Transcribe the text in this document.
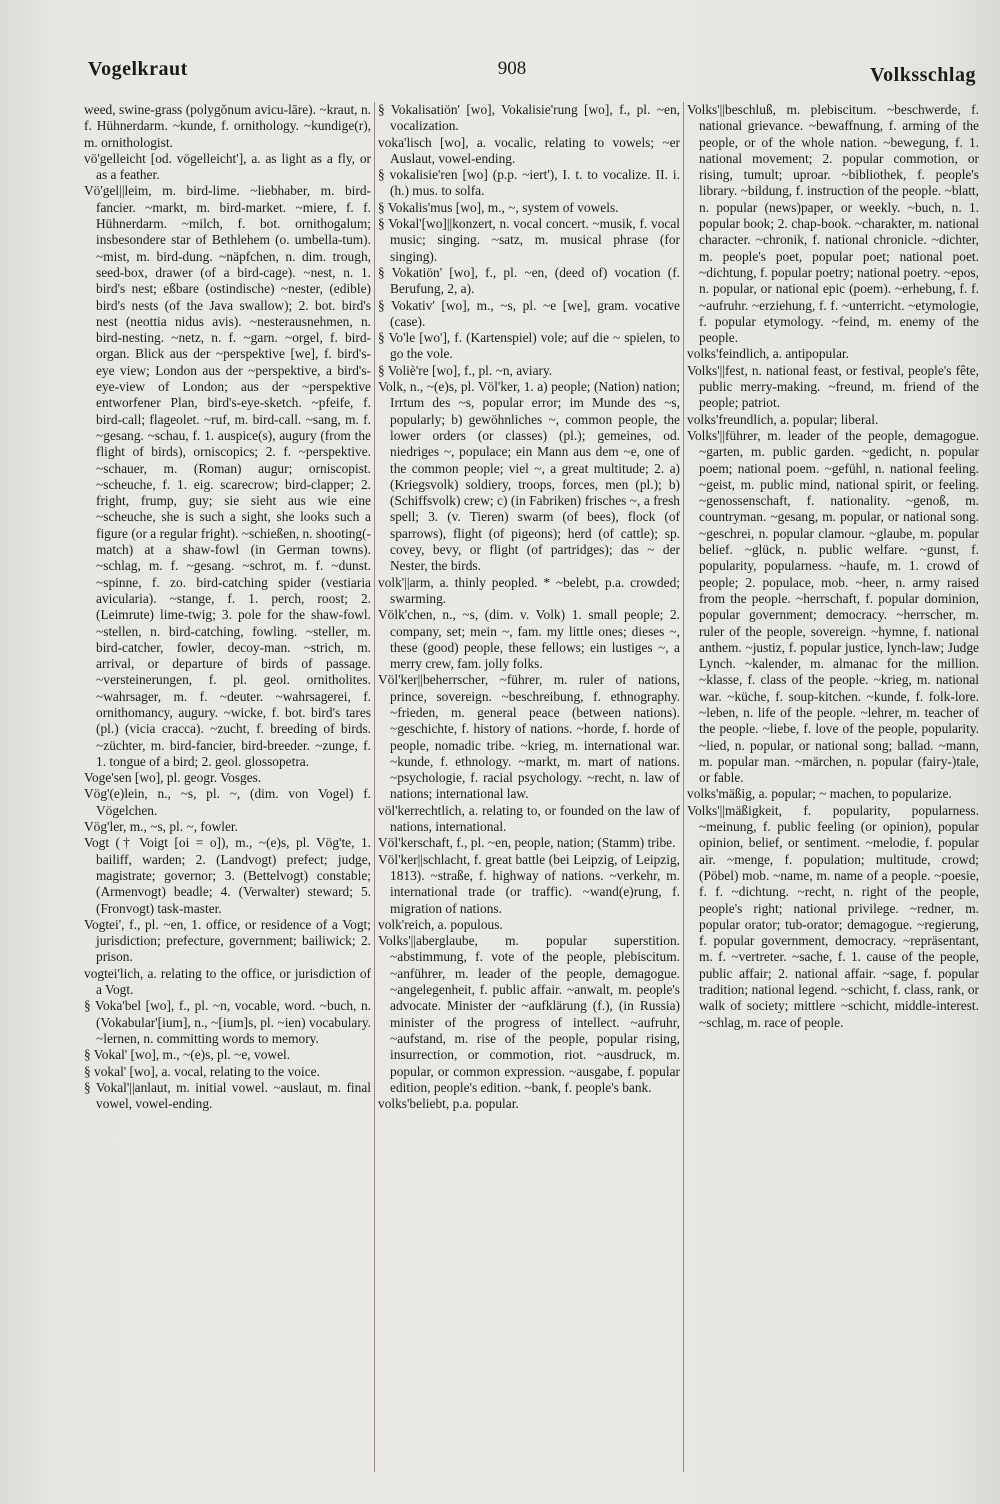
Vogelkraut	908	Volksschlag

weed, swine-grass (polygŏnum avicu-lāre). ~kraut, n. f. Hühnerdarm. ~kunde, f. ornithology. ~kundige(r), m. ornithologist.

vö'gelleicht [od. vögelleicht'], a. as light as a fly, or as a feather.

Vö'gel||leim, m. bird-lime. ~liebhaber, m. bird-fancier. ~markt, m. bird-market. ~miere, f. f. Hühnerdarm. ~milch, f. bot. ornithogalum; insbesondere star of Bethlehem (o. umbella-tum). ~mist, m. bird-dung. ~näpfchen, n. dim. trough, seed-box, drawer (of a bird-cage). ~nest, n. 1. bird's nest; eßbare (ostindische) ~nester, (edible) bird's nests (of the Java swallow); 2. bot. bird's nest (neottia nidus avis). ~nesterausnehmen, n. bird-nesting. ~netz, n. f. ~garn. ~orgel, f. bird-organ. Blick aus der ~perspektive [we], f. bird's-eye view; London aus der ~perspektive, a bird's-eye-view of London; aus der ~perspektive entworfener Plan, bird's-eye-sketch. ~pfeife, f. bird-call; flageolet. ~ruf, m. bird-call. ~sang, m. f. ~gesang. ~schau, f. 1. auspice(s), augury (from the flight of birds), orniscopics; 2. f. ~perspektive. ~schauer, m. (Roman) augur; orniscopist. ~scheuche, f. 1. eig. scarecrow; bird-clapper; 2. fright, frump, guy; sie sieht aus wie eine ~scheuche, she is such a sight, she looks such a figure (or a regular fright). ~schießen, n. shooting(-match) at a shaw-fowl (in German towns). ~schlag, m. f. ~gesang. ~schrot, m. f. ~dunst. ~spinne, f. zo. bird-catching spider (vestiaria avicularia). ~stange, f. 1. perch, roost; 2. (Leimrute) lime-twig; 3. pole for the shaw-fowl. ~stellen, n. bird-catching, fowling. ~steller, m. bird-catcher, fowler, decoy-man. ~strich, m. arrival, or departure of birds of passage. ~versteinerungen, f. pl. geol. ornitholites. ~wahrsager, m. f. ~deuter. ~wahrsagerei, f. ornithomancy, augury. ~wicke, f. bot. bird's tares (pl.) (vicia cracca). ~zucht, f. breeding of birds. ~züchter, m. bird-fancier, bird-breeder. ~zunge, f. 1. tongue of a bird; 2. geol. glossopetra.

Voge'sen [wo], pl. geogr. Vosges.

Vög'(e)lein, n., ~s, pl. ~, (dim. von Vogel) f. Vögelchen.

Vög'ler, m., ~s, pl. ~, fowler.

Vogt († Voigt [oi = o]), m., ~(e)s, pl. Vög'te, 1. bailiff, warden; 2. (Landvogt) prefect; judge, magistrate; governor; 3. (Bettelvogt) constable; (Armenvogt) beadle; 4. (Verwalter) steward; 5. (Fronvogt) task-master.

Vogtei', f., pl. ~en, 1. office, or residence of a Vogt; jurisdiction; prefecture, government; bailiwick; 2. prison.

vogtei'lich, a. relating to the office, or jurisdiction of a Vogt.

§ Voka'bel [wo], f., pl. ~n, vocable, word. ~buch, n. (Vokabular'[ium], n., ~[ium]s, pl. ~ien) vocabulary. ~lernen, n. committing words to memory.

§ Vokal' [wo], m., ~(e)s, pl. ~e, vowel.

§ vokal' [wo], a. vocal, relating to the voice.

§ Vokal'||anlaut, m. initial vowel. ~auslaut, m. final vowel, vowel-ending.

§ Vokalisatiön' [wo], Vokalisie'rung [wo], f., pl. ~en, vocalization.

voka'lisch [wo], a. vocalic, relating to vowels; ~er Auslaut, vowel-ending.

§ vokalisie'ren [wo] (p.p. ~iert'), I. t. to vocalize. II. i. (h.) mus. to solfa.

§ Vokalis'mus [wo], m., ~, system of vowels.

§ Vokal'[wo]||konzert, n. vocal concert. ~musik, f. vocal music; singing. ~satz, m. musical phrase (for singing).

§ Vokatiön' [wo], f., pl. ~en, (deed of) vocation (f. Berufung, 2, a).

§ Vokativ' [wo], m., ~s, pl. ~e [we], gram. vocative (case).

§ Vo'le [wo'], f. (Kartenspiel) vole; auf die ~ spielen, to go the vole.

§ Voliè're [wo], f., pl. ~n, aviary.

Volk, n., ~(e)s, pl. Völ'ker, 1. a) people; (Nation) nation; Irrtum des ~s, popular error; im Munde des ~s, popularly; b) gewöhnliches ~, common people, the lower orders (or classes) (pl.); gemeines, od. niedriges ~, populace; ein Mann aus dem ~e, one of the common people; viel ~, a great multitude; 2. a) (Kriegsvolk) soldiery, troops, forces, men (pl.); b) (Schiffsvolk) crew; c) (in Fabriken) frisches ~, a fresh spell; 3. (v. Tieren) swarm (of bees), flock (of sparrows), flight (of pigeons); herd (of cattle); sp. covey, bevy, or flight (of partridges); das ~ der Nester, the birds.

volk'||arm, a. thinly peopled. * ~belebt, p.a. crowded; swarming.

Völk'chen, n., ~s, (dim. v. Volk) 1. small people; 2. company, set; mein ~, fam. my little ones; dieses ~, these (good) people, these fellows; ein lustiges ~, a merry crew, fam. jolly folks.

Völ'ker||beherrscher, ~führer, m. ruler of nations, prince, sovereign. ~beschreibung, f. ethnography. ~frieden, m. general peace (between nations). ~geschichte, f. history of nations. ~horde, f. horde of people, nomadic tribe. ~krieg, m. international war. ~kunde, f. ethnology. ~markt, m. mart of nations. ~psychologie, f. racial psychology. ~recht, n. law of nations; international law.

völ'kerrechtlich, a. relating to, or founded on the law of nations, international.

Völ'kerschaft, f., pl. ~en, people, nation; (Stamm) tribe.

Völ'ker||schlacht, f. great battle (bei Leipzig, of Leipzig, 1813). ~straße, f. highway of nations. ~verkehr, m. international trade (or traffic). ~wand(e)rung, f. migration of nations.

volk'reich, a. populous.

Volks'||aberglaube, m. popular superstition. ~abstimmung, f. vote of the people, plebiscitum. ~anführer, m. leader of the people, demagogue. ~angelegenheit, f. public affair. ~anwalt, m. people's advocate. Minister der ~aufklärung (f.), (in Russia) minister of the progress of intellect. ~aufruhr, ~aufstand, m. rise of the people, popular rising, insurrection, or commotion, riot. ~ausdruck, m. popular, or common expression. ~ausgabe, f. popular edition, people's edition. ~bank, f. people's bank.

volks'beliebt, p.a. popular.

Volks'||beschluß, m. plebiscitum. ~beschwerde, f. national grievance. ~bewaffnung, f. arming of the people, or of the whole nation. ~bewegung, f. 1. national movement; 2. popular commotion, or rising, tumult; uproar. ~bibliothek, f. people's library. ~bildung, f. instruction of the people. ~blatt, n. popular (news)paper, or weekly. ~buch, n. 1. popular book; 2. chap-book. ~charakter, m. national character. ~chronik, f. national chronicle. ~dichter, m. people's poet, popular poet; national poet. ~dichtung, f. popular poetry; national poetry. ~epos, n. popular, or national epic (poem). ~erhebung, f. f. ~aufruhr. ~erziehung, f. f. ~unterricht. ~etymologie, f. popular etymology. ~feind, m. enemy of the people.

volks'feindlich, a. antipopular.

Volks'||fest, n. national feast, or festival, people's fête, public merry-making. ~freund, m. friend of the people; patriot.

volks'freundlich, a. popular; liberal.

Volks'||führer, m. leader of the people, demagogue. ~garten, m. public garden. ~gedicht, n. popular poem; national poem. ~gefühl, n. national feeling. ~geist, m. public mind, national spirit, or feeling. ~genossenschaft, f. nationality. ~genoß, m. countryman. ~gesang, m. popular, or national song. ~geschrei, n. popular clamour. ~glaube, m. popular belief. ~glück, n. public welfare. ~gunst, f. popularity, popularness. ~haufe, m. 1. crowd of people; 2. populace, mob. ~heer, n. army raised from the people. ~herrschaft, f. popular dominion, popular government; democracy. ~herrscher, m. ruler of the people, sovereign. ~hymne, f. national anthem. ~justiz, f. popular justice, lynch-law; Judge Lynch. ~kalender, m. almanac for the million. ~klasse, f. class of the people. ~krieg, m. national war. ~küche, f. soup-kitchen. ~kunde, f. folk-lore. ~leben, n. life of the people. ~lehrer, m. teacher of the people. ~liebe, f. love of the people, popularity. ~lied, n. popular, or national song; ballad. ~mann, m. popular man. ~märchen, n. popular (fairy-)tale, or fable.

volks'mäßig, a. popular; ~ machen, to popularize.

Volks'||mäßigkeit, f. popularity, popularness. ~meinung, f. public feeling (or opinion), popular opinion, belief, or sentiment. ~melodie, f. popular air. ~menge, f. population; multitude, crowd; (Pöbel) mob. ~name, m. name of a people. ~poesie, f. f. ~dichtung. ~recht, n. right of the people, people's right; national privilege. ~redner, m. popular orator; tub-orator; demagogue. ~regierung, f. popular government, democracy. ~repräsentant, m. f. ~vertreter. ~sache, f. 1. cause of the people, public affair; 2. national affair. ~sage, f. popular tradition; national legend. ~schicht, f. class, rank, or walk of society; mittlere ~schicht, middle-interest. ~schlag, m. race of people.
